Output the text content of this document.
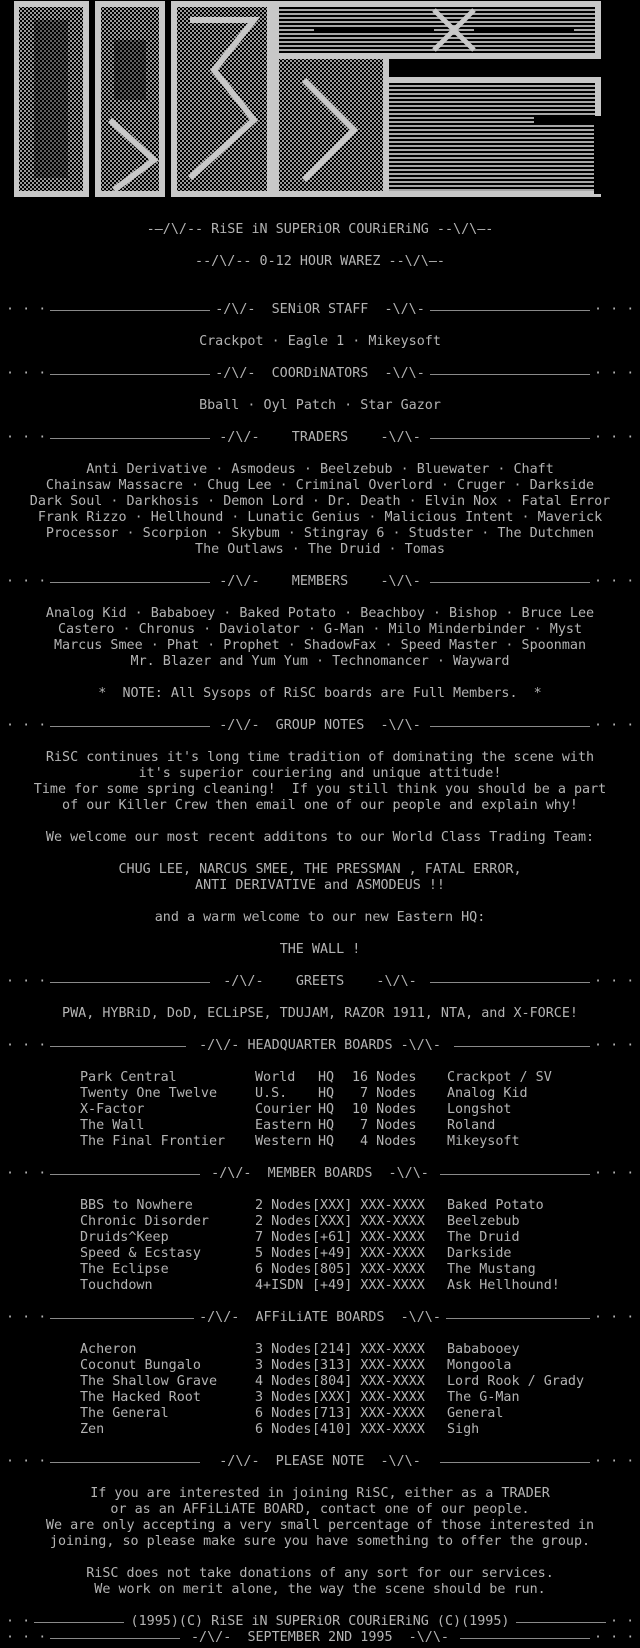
-—/\/-- RiSE iN SUPERiOR COURiERiNG --\/\—-
--/\/-- 0-12 HOUR WAREZ --\/\—-
· · ·	-/\/-  SENiOR STAFF  -\/\-	· · ·
Crackpot · Eagle 1 · Mikeysoft
· · ·	-/\/-  COORDiNATORS  -\/\-	· · ·
Bball · Oyl Patch · Star Gazor
· · ·	-/\/-    TRADERS    -\/\-	· · ·
Anti Derivative · Asmodeus · Beelzebub · Bluewater · Chaft
Chainsaw Massacre · Chug Lee · Criminal Overlord · Cruger · Darkside
Dark Soul · Darkhosis · Demon Lord · Dr. Death · Elvin Nox · Fatal Error
Frank Rizzo · Hellhound · Lunatic Genius · Malicious Intent · Maverick
Processor · Scorpion · Skybum · Stingray 6 · Studster · The Dutchmen
The Outlaws · The Druid · Tomas
· · ·	-/\/-    MEMBERS    -\/\-	· · ·
Analog Kid · Bababoey · Baked Potato · Beachboy · Bishop · Bruce Lee
Castero · Chronus · Daviolator · G-Man · Milo Minderbinder · Myst
Marcus Smee · Phat · Prophet · ShadowFax · Speed Master · Spoonman
Mr. Blazer and Yum Yum · Technomancer · Wayward
*  NOTE: All Sysops of RiSC boards are Full Members.  *
· · ·	-/\/-  GROUP NOTES  -\/\-	· · ·
RiSC continues it's long time tradition of dominating the scene with
it's superior couriering and unique attitude!
Time for some spring cleaning!  If you still think you should be a part
of our Killer Crew then email one of our people and explain why!
We welcome our most recent additons to our World Class Trading Team:
CHUG LEE, NARCUS SMEE, THE PRESSMAN , FATAL ERROR,
ANTI DERIVATIVE and ASMODEUS !!
and a warm welcome to our new Eastern HQ:
THE WALL !
· · ·	-/\/-    GREETS    -\/\-	· · ·
PWA, HYBRiD, DoD, ECLiPSE, TDUJAM, RAZOR 1911, NTA, and X-FORCE!
· · ·	-/\/- HEADQUARTER BOARDS -\/\-	· · ·
Park Central	World HQ 16 Nodes Crackpot / SV
Twenty One Twelve	U.S. HQ 7 Nodes Analog Kid
X-Factor	Courier HQ 10 Nodes Longshot
The Wall	Eastern HQ 7 Nodes Roland
The Final Frontier Western HQ 4 Nodes Mikeysoft
· · ·	-/\/-  MEMBER BOARDS  -\/\-	· · ·
BBS to Nowhere	2 Nodes [XXX] XXX-XXXX Baked Potato
Chronic Disorder	2 Nodes [XXX] XXX-XXXX Beelzebub
Druids^Keep	7 Nodes [+61] XXX-XXXX The Druid
Speed & Ecstasy	5 Nodes [+49] XXX-XXXX Darkside
The Eclipse	6 Nodes [805] XXX-XXXX The Mustang
Touchdown	4+ISDN [+49] XXX-XXXX Ask Hellhound!
· · ·	-/\/-  AFFiLiATE BOARDS  -\/\-	· · ·
Acheron	3 Nodes [214] XXX-XXXX Bababooey
Coconut Bungalo	3 Nodes [313] XXX-XXXX Mongoola
The Shallow Grave	4 Nodes [804] XXX-XXXX Lord Rook / Grady
The Hacked Root	3 Nodes [XXX] XXX-XXXX The G-Man
The General	6 Nodes [713] XXX-XXXX General
Zen	6 Nodes [410] XXX-XXXX Sigh
· · ·	-/\/-  PLEASE NOTE  -\/\-	· · ·
If you are interested in joining RiSC, either as a TRADER
or as an AFFiLiATE BOARD, contact one of our people.
We are only accepting a very small percentage of those interested in
joining, so please make sure you have something to offer the group.
RiSC does not take donations of any sort for our services.
We work on merit alone, the way the scene should be run.
· ·	(1995)(C) RiSE iN SUPERiOR COURiERiNG (C)(1995)	· ·
· · ·	-/\/-  SEPTEMBER 2ND 1995  -\/\-	· · ·
